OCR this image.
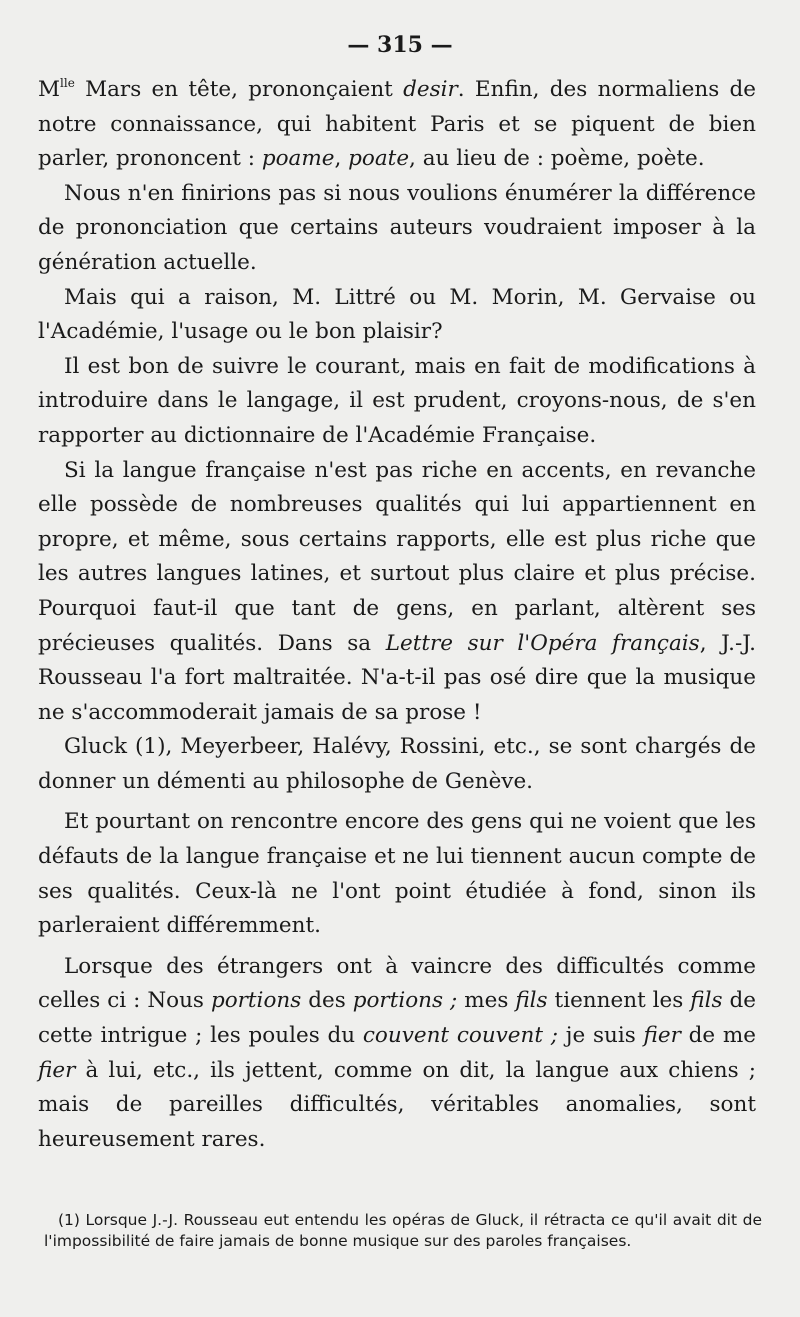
— 315 —

$M^{lle}$ Mars en tête, prononçaient desir. Enfin, des normaliens de notre connaissance, qui habitent Paris et se piquent de bien parler, prononcent : poame, poate, au lieu de : poème, poète.

Nous n'en finirions pas si nous voulions énumérer la différence de prononciation que certains auteurs voudraient imposer à la génération actuelle.

Mais qui a raison, M. Littré ou M. Morin, M. Gervaise ou l'Académie, l'usage ou le bon plaisir?

Il est bon de suivre le courant, mais en fait de modifications à introduire dans le langage, il est prudent, croyons-nous, de s'en rapporter au dictionnaire de l'Académie Française.

Si la langue française n'est pas riche en accents, en revanche elle possède de nombreuses qualités qui lui appartiennent en propre, et même, sous certains rapports, elle est plus riche que les autres langues latines, et surtout plus claire et plus précise. Pourquoi faut-il que tant de gens, en parlant, altèrent ses précieuses qualités. Dans sa Lettre sur l'Opéra français, J.-J. Rousseau l'a fort maltraitée. N'a-t-il pas osé dire que la musique ne s'accommoderait jamais de sa prose !

Gluck (1), Meyerbeer, Halévy, Rossini, etc., se sont chargés de donner un démenti au philosophe de Genève.

Et pourtant on rencontre encore des gens qui ne voient que les défauts de la langue française et ne lui tiennent aucun compte de ses qualités. Ceux-là ne l'ont point étudiée à fond, sinon ils parleraient différemment.

Lorsque des étrangers ont à vaincre des difficultés comme celles ci : Nous portions des portions ; mes fils tiennent les fils de cette intrigue ; les poules du couvent couvent ; je suis fier de me fier à lui, etc., ils jettent, comme on dit, la langue aux chiens ; mais de pareilles difficultés, véritables anomalies, sont heureusement rares.

(1) Lorsque J.-J. Rousseau eut entendu les opéras de Gluck, il rétracta ce qu'il avait dit de l'impossibilité de faire jamais de bonne musique sur des paroles françaises.
